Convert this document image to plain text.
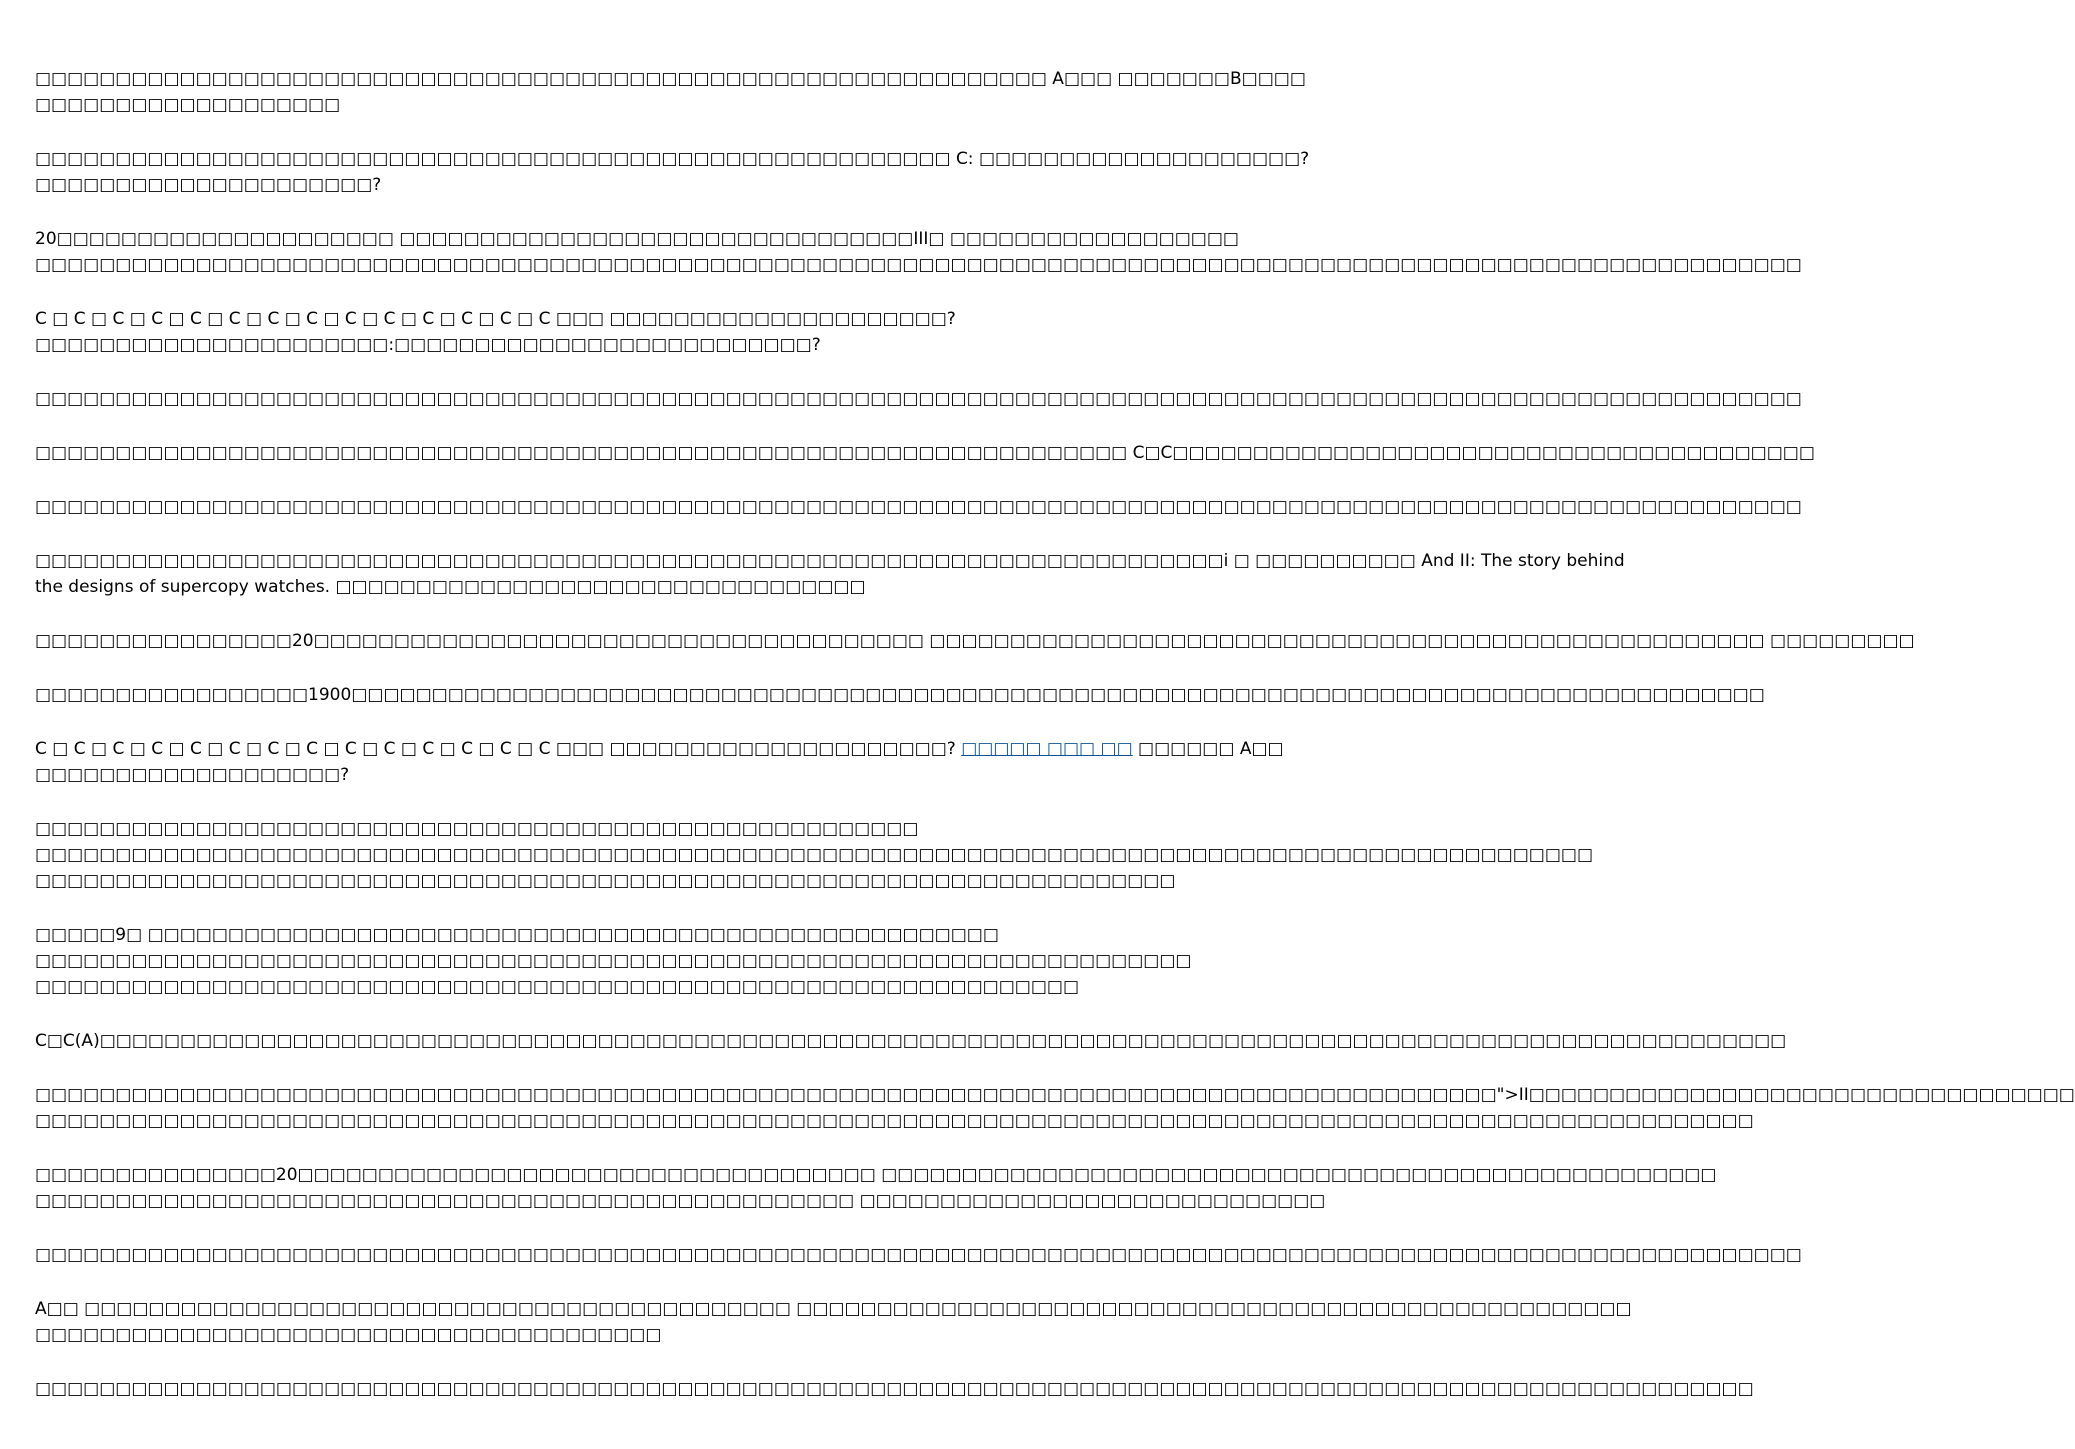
□□□□□□□□□□□□□□□□□□□□□□□□□□□□□□□□□□□□□□□□□□□□□□□□□□□□□□□□□□□□□□□ A□□□ □□□□□□□B□□□□
□□□□□□□□□□□□□□□□□□□

□□□□□□□□□□□□□□□□□□□□□□□□□□□□□□□□□□□□□□□□□□□□□□□□□□□□□□□□□ C: □□□□□□□□□□□□□□□□□□□□?
□□□□□□□□□□□□□□□□□□□□□?

20□□□□□□□□□□□□□□□□□□□□□ □□□□□□□□□□□□□□□□□□□□□□□□□□□□□□□□III□ □□□□□□□□□□□□□□□□□□
□□□□□□□□□□□□□□□□□□□□□□□□□□□□□□□□□□□□□□□□□□□□□□□□□□□□□□□□□□□□□□□□□□□□□□□□□□□□□□□□□□□□□□□□□□□□□□□□□□□□□□□□□□□□□□

C □ C □ C □ C □ C □ C □ C □ C □ C □ C □ C □ C □ C □ C □□□ □□□□□□□□□□□□□□□□□□□□□?
□□□□□□□□□□□□□□□□□□□□□□:□□□□□□□□□□□□□□□□□□□□□□□□□□?

□□□□□□□□□□□□□□□□□□□□□□□□□□□□□□□□□□□□□□□□□□□□□□□□□□□□□□□□□□□□□□□□□□□□□□□□□□□□□□□□□□□□□□□□□□□□□□□□□□□□□□□□□□□□□□

□□□□□□□□□□□□□□□□□□□□□□□□□□□□□□□□□□□□□□□□□□□□□□□□□□□□□□□□□□□□□□□□□□□□ C□C□□□□□□□□□□□□□□□□□□□□□□□□□□□□□□□□□□□□□□□□

□□□□□□□□□□□□□□□□□□□□□□□□□□□□□□□□□□□□□□□□□□□□□□□□□□□□□□□□□□□□□□□□□□□□□□□□□□□□□□□□□□□□□□□□□□□□□□□□□□□□□□□□□□□□□□

□□□□□□□□□□□□□□□□□□□□□□□□□□□□□□□□□□□□□□□□□□□□□□□□□□□□□□□□□□□□□□□□□□□□□□□□□□i □ □□□□□□□□□□ And II: The story behind
the designs of supercopy watches. □□□□□□□□□□□□□□□□□□□□□□□□□□□□□□□□□

□□□□□□□□□□□□□□□□20□□□□□□□□□□□□□□□□□□□□□□□□□□□□□□□□□□□□□□ □□□□□□□□□□□□□□□□□□□□□□□□□□□□□□□□□□□□□□□□□□□□□□□□□□□□ □□□□□□□□□

□□□□□□□□□□□□□□□□□1900□□□□□□□□□□□□□□□□□□□□□□□□□□□□□□□□□□□□□□□□□□□□□□□□□□□□□□□□□□□□□□□□□□□□□□□□□□□□□□□□□□□□□□□□

C □ C □ C □ C □ C □ C □ C □ C □ C □ C □ C □ C □ C □ C □□□ □□□□□□□□□□□□□□□□□□□□□? □□□□□ □□□ □□ □□□□□□ A□□
□□□□□□□□□□□□□□□□□□□?

□□□□□□□□□□□□□□□□□□□□□□□□□□□□□□□□□□□□□□□□□□□□□□□□□□□□□□□
□□□□□□□□□□□□□□□□□□□□□□□□□□□□□□□□□□□□□□□□□□□□□□□□□□□□□□□□□□□□□□□□□□□□□□□□□□□□□□□□□□□□□□□□□□□□□□□□□
□□□□□□□□□□□□□□□□□□□□□□□□□□□□□□□□□□□□□□□□□□□□□□□□□□□□□□□□□□□□□□□□□□□□□□□

□□□□□9□ □□□□□□□□□□□□□□□□□□□□□□□□□□□□□□□□□□□□□□□□□□□□□□□□□□□□□
□□□□□□□□□□□□□□□□□□□□□□□□□□□□□□□□□□□□□□□□□□□□□□□□□□□□□□□□□□□□□□□□□□□□□□□□
□□□□□□□□□□□□□□□□□□□□□□□□□□□□□□□□□□□□□□□□□□□□□□□□□□□□□□□□□□□□□□□□□

C□C(A)□□□□□□□□□□□□□□□□□□□□□□□□□□□□□□□□□□□□□□□□□□□□□□□□□□□□□□□□□□□□□□□□□□□□□□□□□□□□□□□□□□□□□□□□□□□□□□□□□□□□□□□□□

□□□□□□□□□□□□□□□□□□□□□□□□□□□□□□□□□□□□□□□□□□□□□□□□□□□□□□□□□□□□□□□□□□□□□□□□□□□□□□□□□□□□□□□□□□□">II□□□□□□□□□□□□□□□□□□□□□□□□□□□□□□□□□□
□□□□□□□□□□□□□□□□□□□□□□□□□□□□□□□□□□□□□□□□□□□□□□□□□□□□□□□□□□□□□□□□□□□□□□□□□□□□□□□□□□□□□□□□□□□□□□□□□□□□□□□□□□□

□□□□□□□□□□□□□□□20□□□□□□□□□□□□□□□□□□□□□□□□□□□□□□□□□□□□ □□□□□□□□□□□□□□□□□□□□□□□□□□□□□□□□□□□□□□□□□□□□□□□□□□□□
□□□□□□□□□□□□□□□□□□□□□□□□□□□□□□□□□□□□□□□□□□□□□□□□□□□ □□□□□□□□□□□□□□□□□□□□□□□□□□□□□

□□□□□□□□□□□□□□□□□□□□□□□□□□□□□□□□□□□□□□□□□□□□□□□□□□□□□□□□□□□□□□□□□□□□□□□□□□□□□□□□□□□□□□□□□□□□□□□□□□□□□□□□□□□□□□

A□□ □□□□□□□□□□□□□□□□□□□□□□□□□□□□□□□□□□□□□□□□□□□□ □□□□□□□□□□□□□□□□□□□□□□□□□□□□□□□□□□□□□□□□□□□□□□□□□□□□
□□□□□□□□□□□□□□□□□□□□□□□□□□□□□□□□□□□□□□□

□□□□□□□□□□□□□□□□□□□□□□□□□□□□□□□□□□□□□□□□□□□□□□□□□□□□□□□□□□□□□□□□□□□□□□□□□□□□□□□□□□□□□□□□□□□□□□□□□□□□□□□□□□□
